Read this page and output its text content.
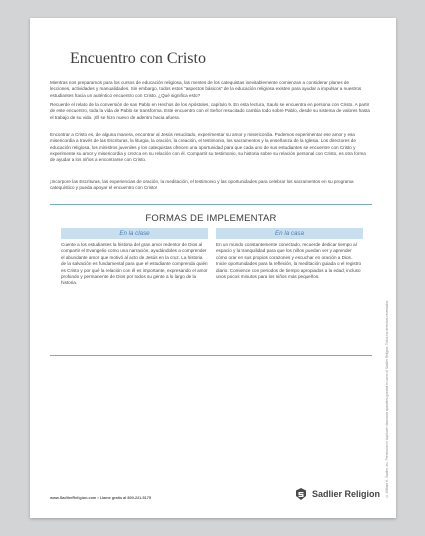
Encuentro con Cristo

Mientras nos preparamos para los cursos de educación religiosa, las mentes de los catequistas inevitablemente comienzan a considerar planes de lecciones, actividades y manualidades. Sin embargo, todos estos "aspectos básicos" de la educación religiosa existen para ayudar a impulsar a nuestros estudiantes hacia un auténtico encuentro con Cristo. ¿Qué significa esto?

Recuerde el relato de la conversión de san Pablo en Hechos de los Apóstoles, capítulo 9. En esta lectura, Saulo se encuentra en persona con Cristo. A partir de este encuentro, toda la vida de Pablo se transforma. Este encuentro con el Señor resucitado cambia todo sobre Pablo, desde su sistema de valores hasta el trabajo de su vida. ¡Él se hizo nuevo de adentro hacia afuera.

Encontrar a Cristo es, de alguna manera, encontrar al Jesús resucitado, experimentar su amor y misericordia. Podemos experimentar ese amor y esa misericordia a través de las Escrituras, la liturgia, la oración, la creación, el testimonio, los sacramentos y la enseñanza de la Iglesia. Los directores de educación religiosa, los ministros juveniles y los catequistas ofrecen una oportunidad para que cada uno de sus estudiantes se encuentre con Cristo y experimente su amor y misericordia y crezca en su relación con él. Compartir su testimonio, su historia sobre su relación personal con Cristo, es otra forma de ayudar a los niños a encontrarse con Cristo.

¡Incorpore las Escrituras, las experiencias de oración, la meditación, el testimonio y las oportunidades para celebrar los sacramentos en su programa catequístico y pueda apoyar el encuentro con Cristo!

FORMAS DE IMPLEMENTAR
En la clase

Cuente a los estudiantes la historia del gran amor redentor de Dios al compartir el Evangelio como una narración, ayudándoles a comprender el abundante amor que motivó al acto de Jesús en la cruz. La historia de la salvación es fundamental para que el estudiante comprenda quién es Cristo y por qué la relación con él es importante, expresando el amor profundo y permanente de Dios por todos su gente a lo largo de la historia.

En la casa

En un mundo constantemente conectado, recuerde dedicar tiempo al espacio y la tranquilidad para que los niños puedan ver y aprender cómo orar en sus propios corazones y escuchar en oración a Dios. Inicie oportunidades para la reflexión, la meditación guiada o el registro diario. Comience con periodos de tiempo apropiados a la edad, incluso unos pocos minutos para los niños más pequeños.

© William H. Sadlier, Inc. Permission to duplicate classroom quantities granted to users of Sadlier Religion. Todos los derechos reservados.
www.SadlierReligion.com • Llame gratis al 800-221-5175	Sadlier Religion
